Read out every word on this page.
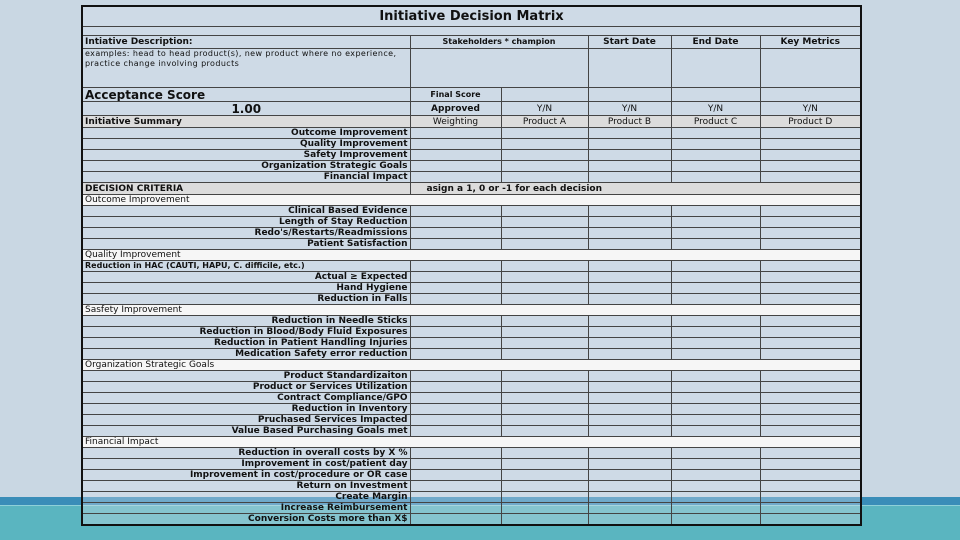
Initiative Decision Matrix					

Intiative Description:	Stakeholders * champion		Start Date	End Date	Key Metrics
examples: head to head product(s), new product where no experience, practice change involving products					
Acceptance Score	Final Score				
1.00	Approved	Y/N	Y/N	Y/N	Y/N
Initiative Summary	Weighting	Product A	Product B	Product C	Product D
Outcome Improvement					
Quality Improvement					
Safety Improvement					
Organization Strategic Goals					
Financial Impact					
DECISION CRITERIA	asign a 1, 0 or -1 for each decision				
Outcome Improvement					
Clinical Based Evidence					
Length of Stay Reduction					
Redo's/Restarts/Readmissions					
Patient Satisfaction					
Quality Improvement					
Reduction in HAC (CAUTI, HAPU, C. difficile, etc.)					
Actual ≥ Expected					
Hand Hygiene					
Reduction in Falls					
Sasfety Improvement					
Reduction in Needle Sticks					
Reduction in Blood/Body Fluid Exposures					
Reduction in Patient Handling Injuries					
Medication Safety error reduction					
Organization Strategic Goals					
Product Standardizaiton					
Product or Services Utilization					
Contract Compliance/GPO					
Reduction in Inventory					
Pruchased Services Impacted					
Value Based Purchasing Goals met					
Financial Impact					
Reduction in overall costs by X %					
Improvement in cost/patient day					
Improvement in cost/procedure or OR case					
Return on Investment					
Create Margin					
Increase Reimbursement					
Conversion Costs more than X$					
